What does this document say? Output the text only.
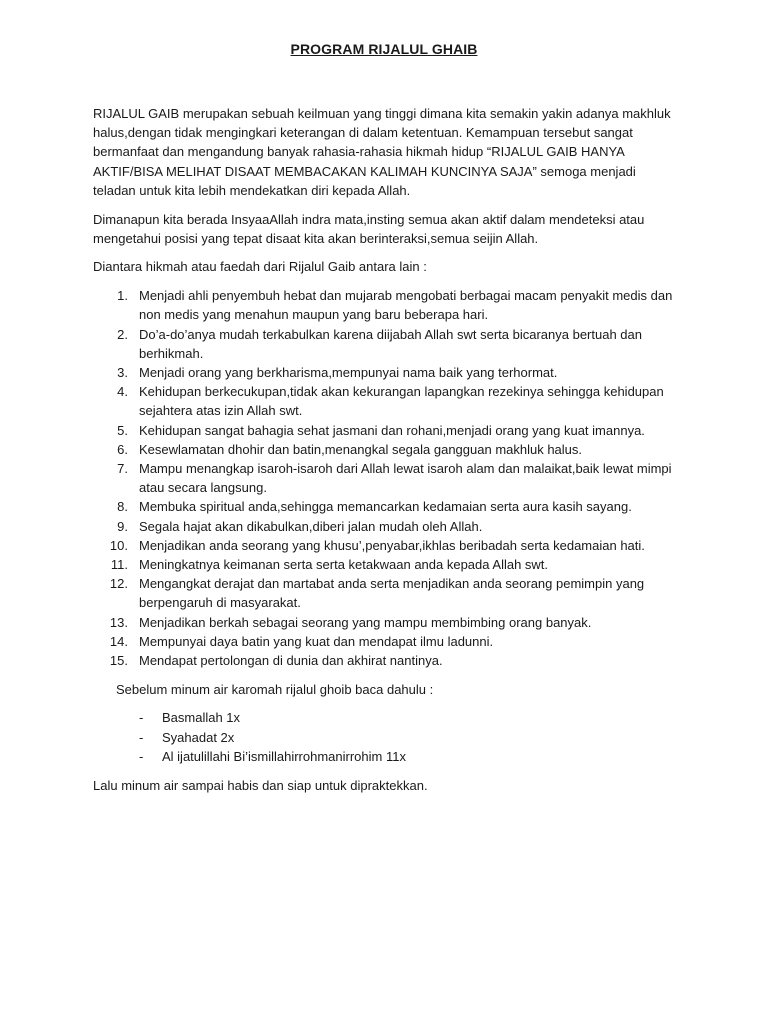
PROGRAM RIJALUL GHAIB

RIJALUL GAIB merupakan sebuah keilmuan yang tinggi dimana kita semakin yakin adanya makhluk halus,dengan tidak mengingkari keterangan di dalam ketentuan. Kemampuan tersebut sangat bermanfaat dan mengandung banyak rahasia-rahasia hikmah hidup “RIJALUL GAIB HANYA AKTIF/BISA MELIHAT DISAAT MEMBACAKAN KALIMAH KUNCINYA SAJA” semoga menjadi teladan untuk kita lebih mendekatkan diri kepada Allah.

Dimanapun kita berada InsyaaAllah indra mata,insting semua akan aktif dalam mendeteksi atau mengetahui posisi yang tepat disaat kita akan berinteraksi,semua seijin Allah.

Diantara hikmah atau faedah dari Rijalul Gaib antara lain :

1. Menjadi ahli penyembuh hebat dan mujarab mengobati berbagai macam penyakit medis dan non medis yang menahun maupun yang baru beberapa hari.
2. Do’a-do’anya mudah terkabulkan karena diijabah Allah swt serta bicaranya bertuah dan berhikmah.
3. Menjadi orang yang berkharisma,mempunyai nama baik yang terhormat.
4. Kehidupan berkecukupan,tidak akan kekurangan lapangkan rezekinya sehingga kehidupan sejahtera atas izin Allah swt.
5. Kehidupan sangat bahagia sehat jasmani dan rohani,menjadi orang yang kuat imannya.
6. Kesewlamatan dhohir dan batin,menangkal segala gangguan makhluk halus.
7. Mampu menangkap isaroh-isaroh dari Allah lewat isaroh alam dan malaikat,baik lewat mimpi atau secara langsung.
8. Membuka spiritual anda,sehingga memancarkan kedamaian serta aura kasih sayang.
9. Segala hajat akan dikabulkan,diberi jalan mudah oleh Allah.
10. Menjadikan anda seorang yang khusu’,penyabar,ikhlas beribadah serta kedamaian hati.
11. Meningkatnya keimanan serta serta ketakwaan anda kepada Allah swt.
12. Mengangkat derajat dan martabat anda serta menjadikan anda seorang pemimpin yang berpengaruh di masyarakat.
13. Menjadikan berkah sebagai seorang yang mampu membimbing orang banyak.
14. Mempunyai daya batin yang kuat dan mendapat ilmu ladunni.
15. Mendapat pertolongan di dunia dan akhirat nantinya.

Sebelum minum air karomah rijalul ghoib baca dahulu :

- Basmallah 1x
- Syahadat 2x
- Al ijatulillahi Bi’ismillahirrohmanirrohim 11x

Lalu minum air sampai habis dan siap untuk dipraktekkan.
